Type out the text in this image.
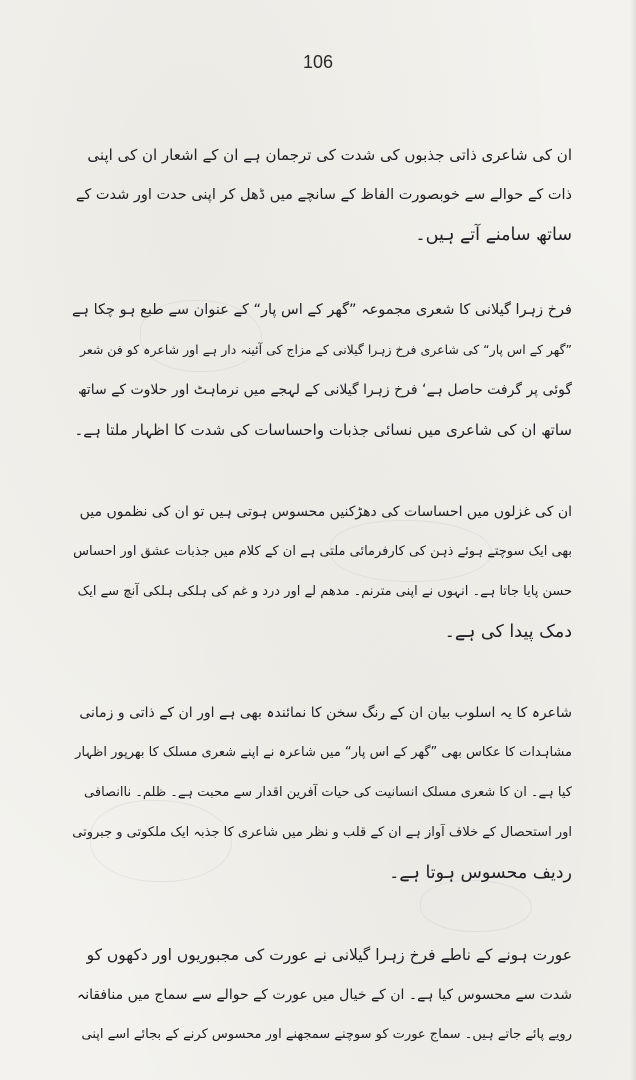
106
ان کی شاعری ذاتی جذبوں کی شدت کی ترجمان ہے ان کے اشعار ان کی اپنی
ذات کے حوالے سے خوبصورت الفاظ کے سانچے میں ڈھل کر اپنی حدت اور شدت کے
ساتھ سامنے آتے ہیں۔
فرخ زہرا گیلانی کا شعری مجموعہ ”گھر کے اس پار“ کے عنوان سے طبع ہو چکا ہے
”گھر کے اس پار“ کی شاعری فرخ زہرا گیلانی کے مزاج کی آئینہ دار ہے اور شاعرہ کو فن شعر
گوئی پر گرفت حاصل ہے‘ فرخ زہرا گیلانی کے لہجے میں نرماہٹ اور حلاوت کے ساتھ
ساتھ ان کی شاعری میں نسائی جذبات واحساسات کی شدت کا اظہار ملتا ہے۔
ان کی غزلوں میں احساسات کی دھڑکنیں محسوس ہوتی ہیں تو ان کی نظموں میں
بھی ایک سوچتے ہوئے ذہن کی کارفرمائی ملتی ہے ان کے کلام میں جذبات عشق اور احساس
حسن پایا جاتا ہے۔ انہوں نے اپنی مترنم۔ مدھم لے اور درد و غم کی ہلکی ہلکی آنچ سے ایک
دمک پیدا کی ہے۔
شاعرہ کا یہ اسلوب بیان ان کے رنگ سخن کا نمائندہ بھی ہے اور ان کے ذاتی و زمانی
مشاہدات کا عکاس بھی ”گھر کے اس پار“ میں شاعرہ نے اپنے شعری مسلک کا بھرپور اظہار
کیا ہے۔ ان کا شعری مسلک انسانیت کی حیات آفرین اقدار سے محبت ہے۔ ظلم۔ ناانصافی
اور استحصال کے خلاف آواز ہے ان کے قلب و نظر میں شاعری کا جذبہ ایک ملکوتی و جبروتی
ردیف محسوس ہوتا ہے۔
عورت ہونے کے ناطے فرخ زہرا گیلانی نے عورت کی مجبوریوں اور دکھوں کو
شدت سے محسوس کیا ہے۔ ان کے خیال میں عورت کے حوالے سے سماج میں منافقانہ
رویے پائے جاتے ہیں۔ سماج عورت کو سوچنے سمجھنے اور محسوس کرنے کے بجائے اسے اپنی
